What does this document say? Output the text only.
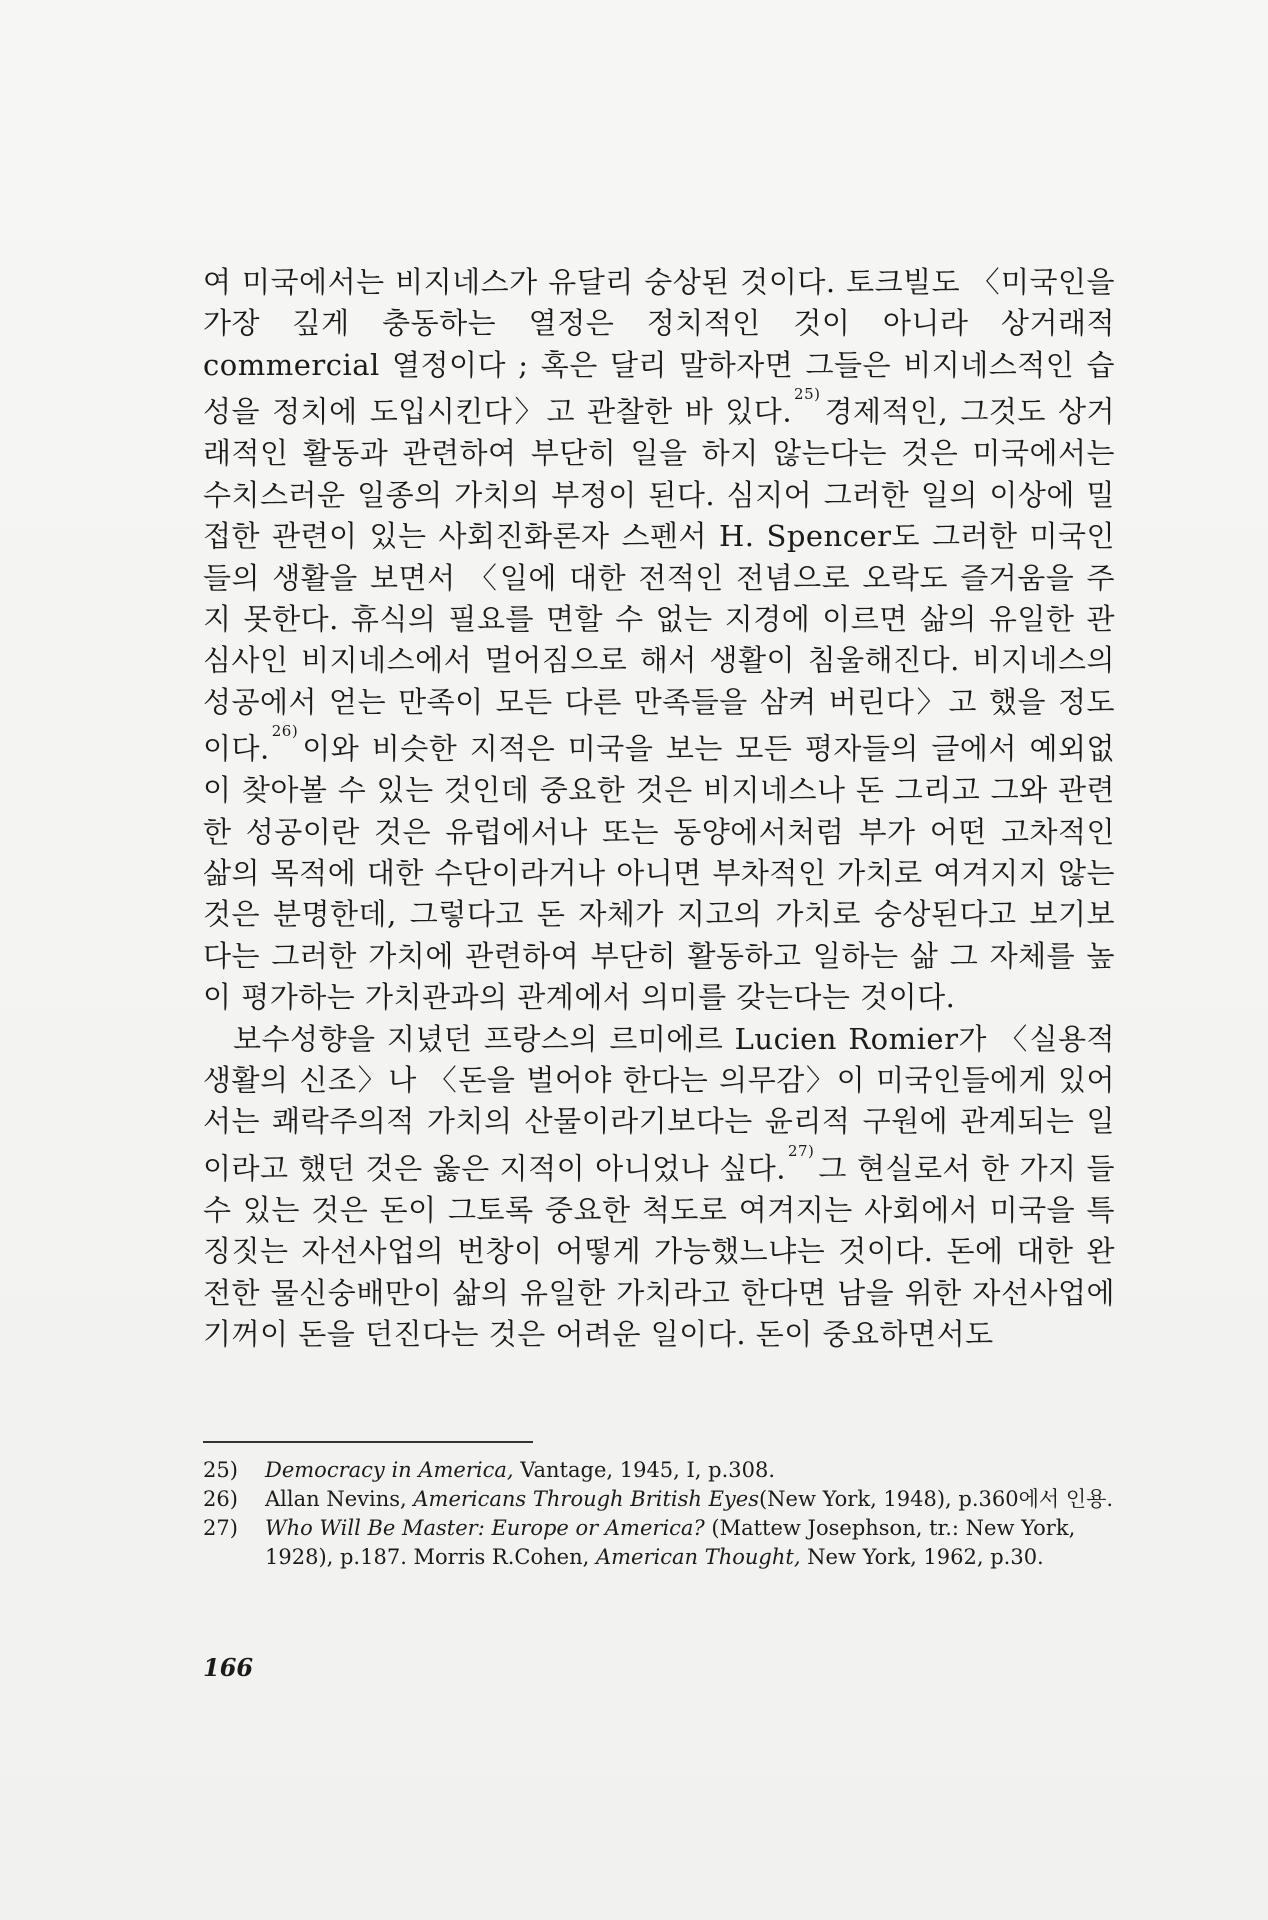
여 미국에서는 비지네스가 유달리 숭상된 것이다. 토크빌도 〈미국인을 가장 깊게 충동하는 열정은 정치적인 것이 아니라 상거래적 commercial 열정이다 ; 혹은 달리 말하자면 그들은 비지네스적인 습성을 정치에 도입시킨다〉고 관찰한 바 있다.$^{25)}$경제적인, 그것도 상거래적인 활동과 관련하여 부단히 일을 하지 않는다는 것은 미국에서는 수치스러운 일종의 가치의 부정이 된다. 심지어 그러한 일의 이상에 밀접한 관련이 있는 사회진화론자 스펜서 H. Spencer도 그러한 미국인들의 생활을 보면서 〈일에 대한 전적인 전념으로 오락도 즐거움을 주지 못한다. 휴식의 필요를 면할 수 없는 지경에 이르면 삶의 유일한 관심사인 비지네스에서 멀어짐으로 해서 생활이 침울해진다. 비지네스의 성공에서 얻는 만족이 모든 다른 만족들을 삼켜 버린다〉고 했을 정도이다.$^{26)}$이와 비슷한 지적은 미국을 보는 모든 평자들의 글에서 예외없이 찾아볼 수 있는 것인데 중요한 것은 비지네스나 돈 그리고 그와 관련한 성공이란 것은 유럽에서나 또는 동양에서처럼 부가 어떤 고차적인 삶의 목적에 대한 수단이라거나 아니면 부차적인 가치로 여겨지지 않는 것은 분명한데, 그렇다고 돈 자체가 지고의 가치로 숭상된다고 보기보다는 그러한 가치에 관련하여 부단히 활동하고 일하는 삶 그 자체를 높이 평가하는 가치관과의 관계에서 의미를 갖는다는 것이다.

보수성향을 지녔던 프랑스의 르미에르 Lucien Romier가 〈실용적 생활의 신조〉나 〈돈을 벌어야 한다는 의무감〉이 미국인들에게 있어서는 쾌락주의적 가치의 산물이라기보다는 윤리적 구원에 관계되는 일이라고 했던 것은 옳은 지적이 아니었나 싶다.$^{27)}$그 현실로서 한 가지 들 수 있는 것은 돈이 그토록 중요한 척도로 여겨지는 사회에서 미국을 특징짓는 자선사업의 번창이 어떻게 가능했느냐는 것이다. 돈에 대한 완전한 물신숭배만이 삶의 유일한 가치라고 한다면 남을 위한 자선사업에 기꺼이 돈을 던진다는 것은 어려운 일이다. 돈이 중요하면서도

25) Democracy in America, Vantage, 1945, I, p.308.

26) Allan Nevins, Americans Through British Eyes(New York, 1948), p.360에서 인용.

27) Who Will Be Master: Europe or America? (Mattew Josephson, tr.: New York, 1928), p.187. Morris R.Cohen, American Thought, New York, 1962, p.30.

166
